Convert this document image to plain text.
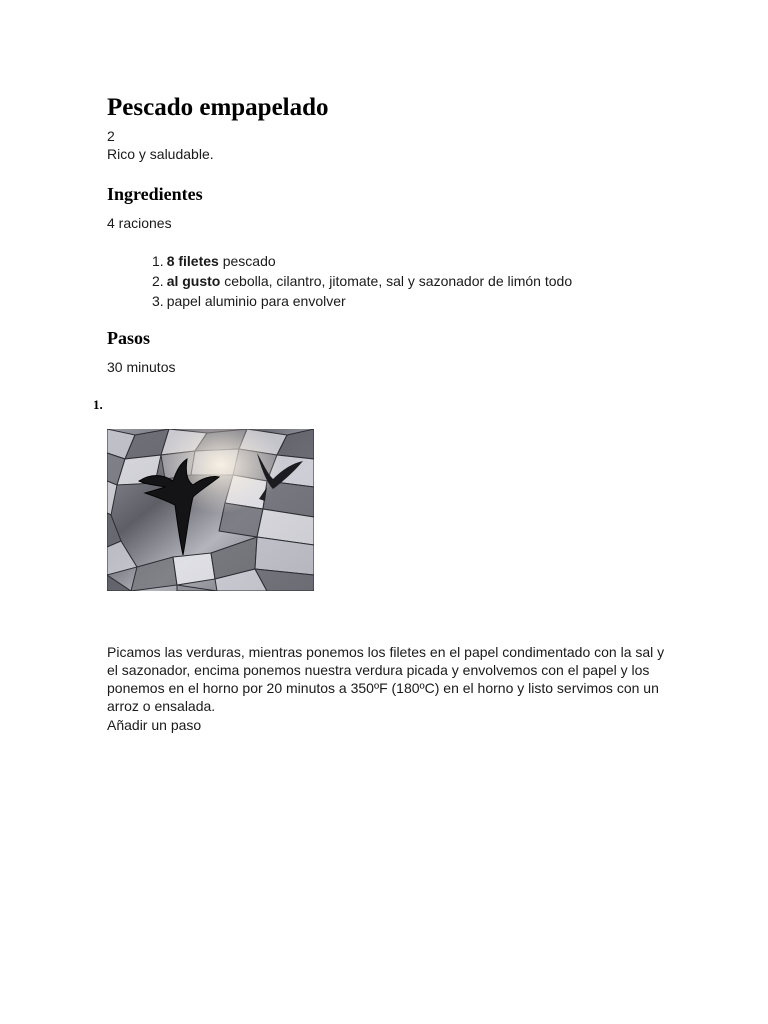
Pescado empapelado
2
Rico y saludable.
Ingredientes
4 raciones
1. 8 filetes pescado
2. al gusto cebolla, cilantro, jitomate, sal y sazonador de limón todo
3. papel aluminio para envolver
Pasos
30 minutos
1.

Picamos las verduras, mientras ponemos los filetes en el papel condimentado con la sal y el sazonador, encima ponemos nuestra verdura picada y envolvemos con el papel y los ponemos en el horno por 20 minutos a 350ºF (180ºC) en el horno y listo servimos con un arroz o ensalada.

Añadir un paso
